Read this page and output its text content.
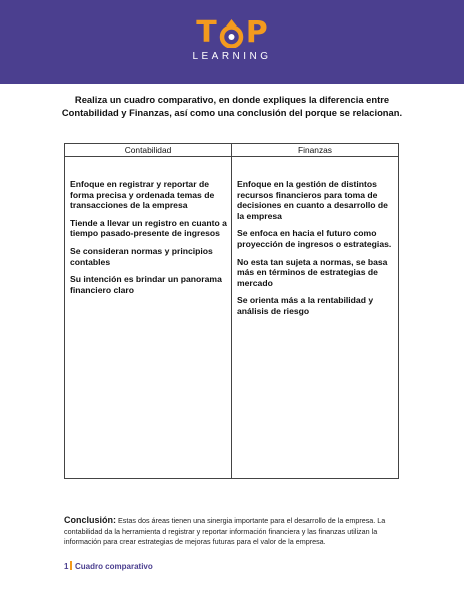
T P
LEARNING
Realiza un cuadro comparativo, en donde expliques la diferencia entre
Contabilidad y Finanzas, así como una conclusión del porque se relacionan.
Contabilidad	Finanzas

Enfoque en registrar y reportar de forma precisa y ordenada temas de transacciones de la empresa

Tiende a llevar un registro en cuanto a tiempo pasado-presente de ingresos

Se consideran normas y principios contables

Su intención es brindar un panorama financiero claro

Enfoque en la gestión de distintos recursos financieros para toma de decisiones en cuanto a desarrollo de la empresa

Se enfoca en hacia el futuro como proyección de ingresos o estrategias.

No esta tan sujeta a normas, se basa más en términos de estrategias de mercado

Se orienta más a la rentabilidad y análisis de riesgo

Conclusión: Estas dos áreas tienen una sinergia importante para el desarrollo de la empresa. La contabilidad da la herramienta d registrar y reportar información financiera y las finanzas utilizan la información para crear estrategias de mejoras futuras para el valor de la empresa.
1 Cuadro comparativo
